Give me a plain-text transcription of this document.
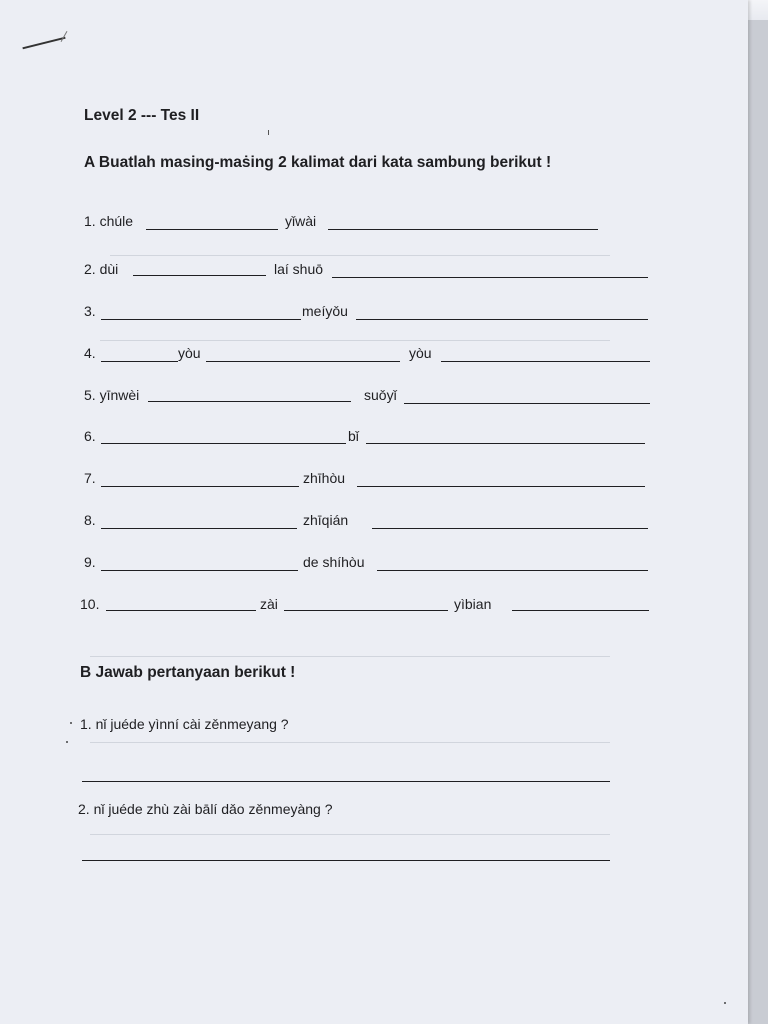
Level 2 --- Tes II
A Buatlah masing-maṡing 2 kalimat dari kata sambung berikut !
1. chúle	yǐwài
2. dùi	laí shuō
3.	meíyǒu
4.	yòu	yòu
5. yīnwèi	suǒyǐ
6.	bǐ
7.	zhīhòu
8.	zhīqián
9.	de shíhòu
10.	zài	yìbian
B Jawab pertanyaan berikut !
1. nǐ juéde yìnní cài zěnmeyang ?
2. nǐ juéde zhù zài bālí dǎo zěnmeyàng ?
